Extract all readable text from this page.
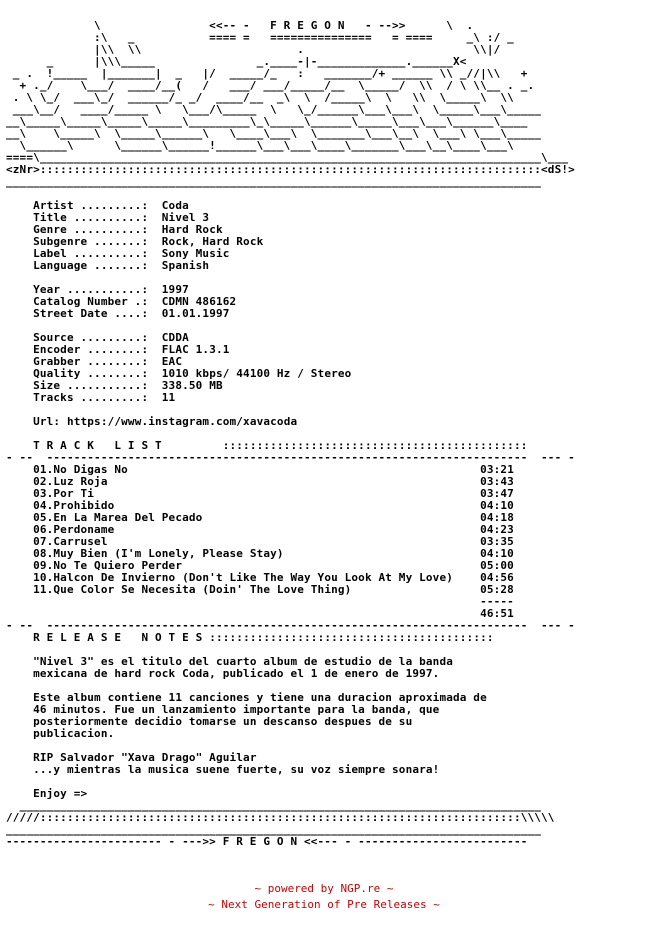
\                <<-- -   F R E G O N   - -->>      \  .
:\   _           ==== =   ===============   = ====     _\ :/ _
|\\  \\                       .                         \\|/
_      |\\\_____               _.____-|-_____________.______X<
_ .  !_____  |_______|  _   |/  _____/_   :   _______/+ ______ \\ _//|\\   +
+ ._/    \___/  ____/__(   /   ___/ ___/_____/__  \_____/  \\  / \ \\__ . _.
. \ \_/  ___\_/  ______/_ _/  ____/__  _\  \  /_____\  \   \\  \_____\  \\
___\__/   ____/_____ \   \___/\_____  \   \_/______\___\___\  \_____\___\_____
__\_____\_____\_____\_____\_________\_\_____\______\_____\___\___\______\____
__\    \_____\  \_____\______\   \____\___\  \_______\___\__\  \___\ \___\_____
\______\      \______\______!______\___\___\____\_______\___\__\____\___\
====\__________________________________________________________________________\___
<zNr>::::::::::::::::::::::::::::::::::::::::::::::::::::::::::::::::::::::::::<dS!>
_______________________________________________________________________________

Artist .........: Coda
Title ..........: Nivel 3
Genre ..........: Hard Rock
Subgenre .......: Rock, Hard Rock
Label ..........: Sony Music
Language .......: Spanish

Year ...........: 1997
Catalog Number .: CDMN 486162
Street Date ....: 01.01.1997

Source .........: CDDA
Encoder ........: FLAC 1.3.1
Grabber ........: EAC
Quality ........: 1010 kbps/ 44100 Hz / Stereo
Size ...........: 338.50 MB
Tracks .........: 11

Url: https://www.instagram.com/xavacoda

T R A C K   L I S T	:::::::::::::::::::::::::::::::::::::::::::::
- --  -----------------------------------------------------------------------  --- -
01.No Digas No	03:21
02.Luz Roja	03:43
03.Por Ti	03:47
04.Prohibido	04:10
05.En La Marea Del Pecado	04:18
06.Perdoname	04:23
07.Carrusel	03:35
08.Muy Bien (I'm Lonely, Please Stay)	04:10
09.No Te Quiero Perder	05:00
10.Halcon De Invierno (Don't Like The Way You Look At My Love) 04:56
11.Que Color Se Necesita (Doin' The Love Thing)	05:28
-----
46:51
- --  -----------------------------------------------------------------------  --- -
R E L E A S E   N O T E S ::::::::::::::::::::::::::::::::::::::::::

"Nivel 3" es el titulo del cuarto album de estudio de la banda
mexicana de hard rock Coda, publicado el 1 de enero de 1997.

Este album contiene 11 canciones y tiene una duracion aproximada de
46 minutos. Fue un lanzamiento importante para la banda, que
posteriormente decidio tomarse un descanso despues de su
publicacion.

RIP Salvador "Xava Drago" Aguilar
...y mientras la musica suene fuerte, su voz siempre sonara!

Enjoy =>
_____________________________________________________________________________
/////:::::::::::::::::::::::::::::::::::::::::::::::::::::::::::::::::::::::\\\\\
_______________________________________________________________________________
----------------------- - --->> F R E G O N <<--- - -------------------------
~ powered by NGP.re ~
~ Next Generation of Pre Releases ~
